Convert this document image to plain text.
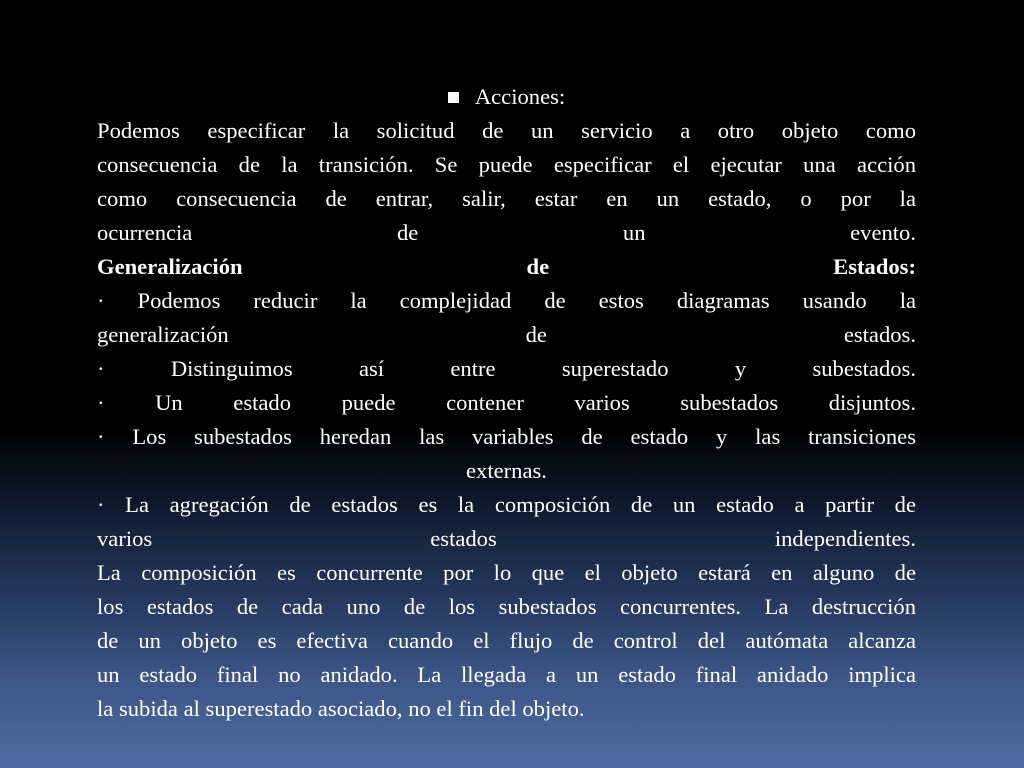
Acciones:
Podemos especificar la solicitud de un servicio a otro objeto como
consecuencia de la transición. Se puede especificar el ejecutar una acción
como consecuencia de entrar, salir, estar en un estado, o por la
ocurrencia de un evento.
Generalización de Estados:
· Podemos reducir la complejidad de estos diagramas usando la
generalización de estados.
· Distinguimos así entre superestado y subestados.
· Un estado puede contener varios subestados disjuntos.
· Los subestados heredan las variables de estado y las transiciones
externas.
· La agregación de estados es la composición de un estado a partir de
varios estados independientes.
La composición es concurrente por lo que el objeto estará en alguno de
los estados de cada uno de los subestados concurrentes. La destrucción
de un objeto es efectiva cuando el flujo de control del autómata alcanza
un estado final no anidado. La llegada a un estado final anidado implica
la subida al superestado asociado, no el fin del objeto.
